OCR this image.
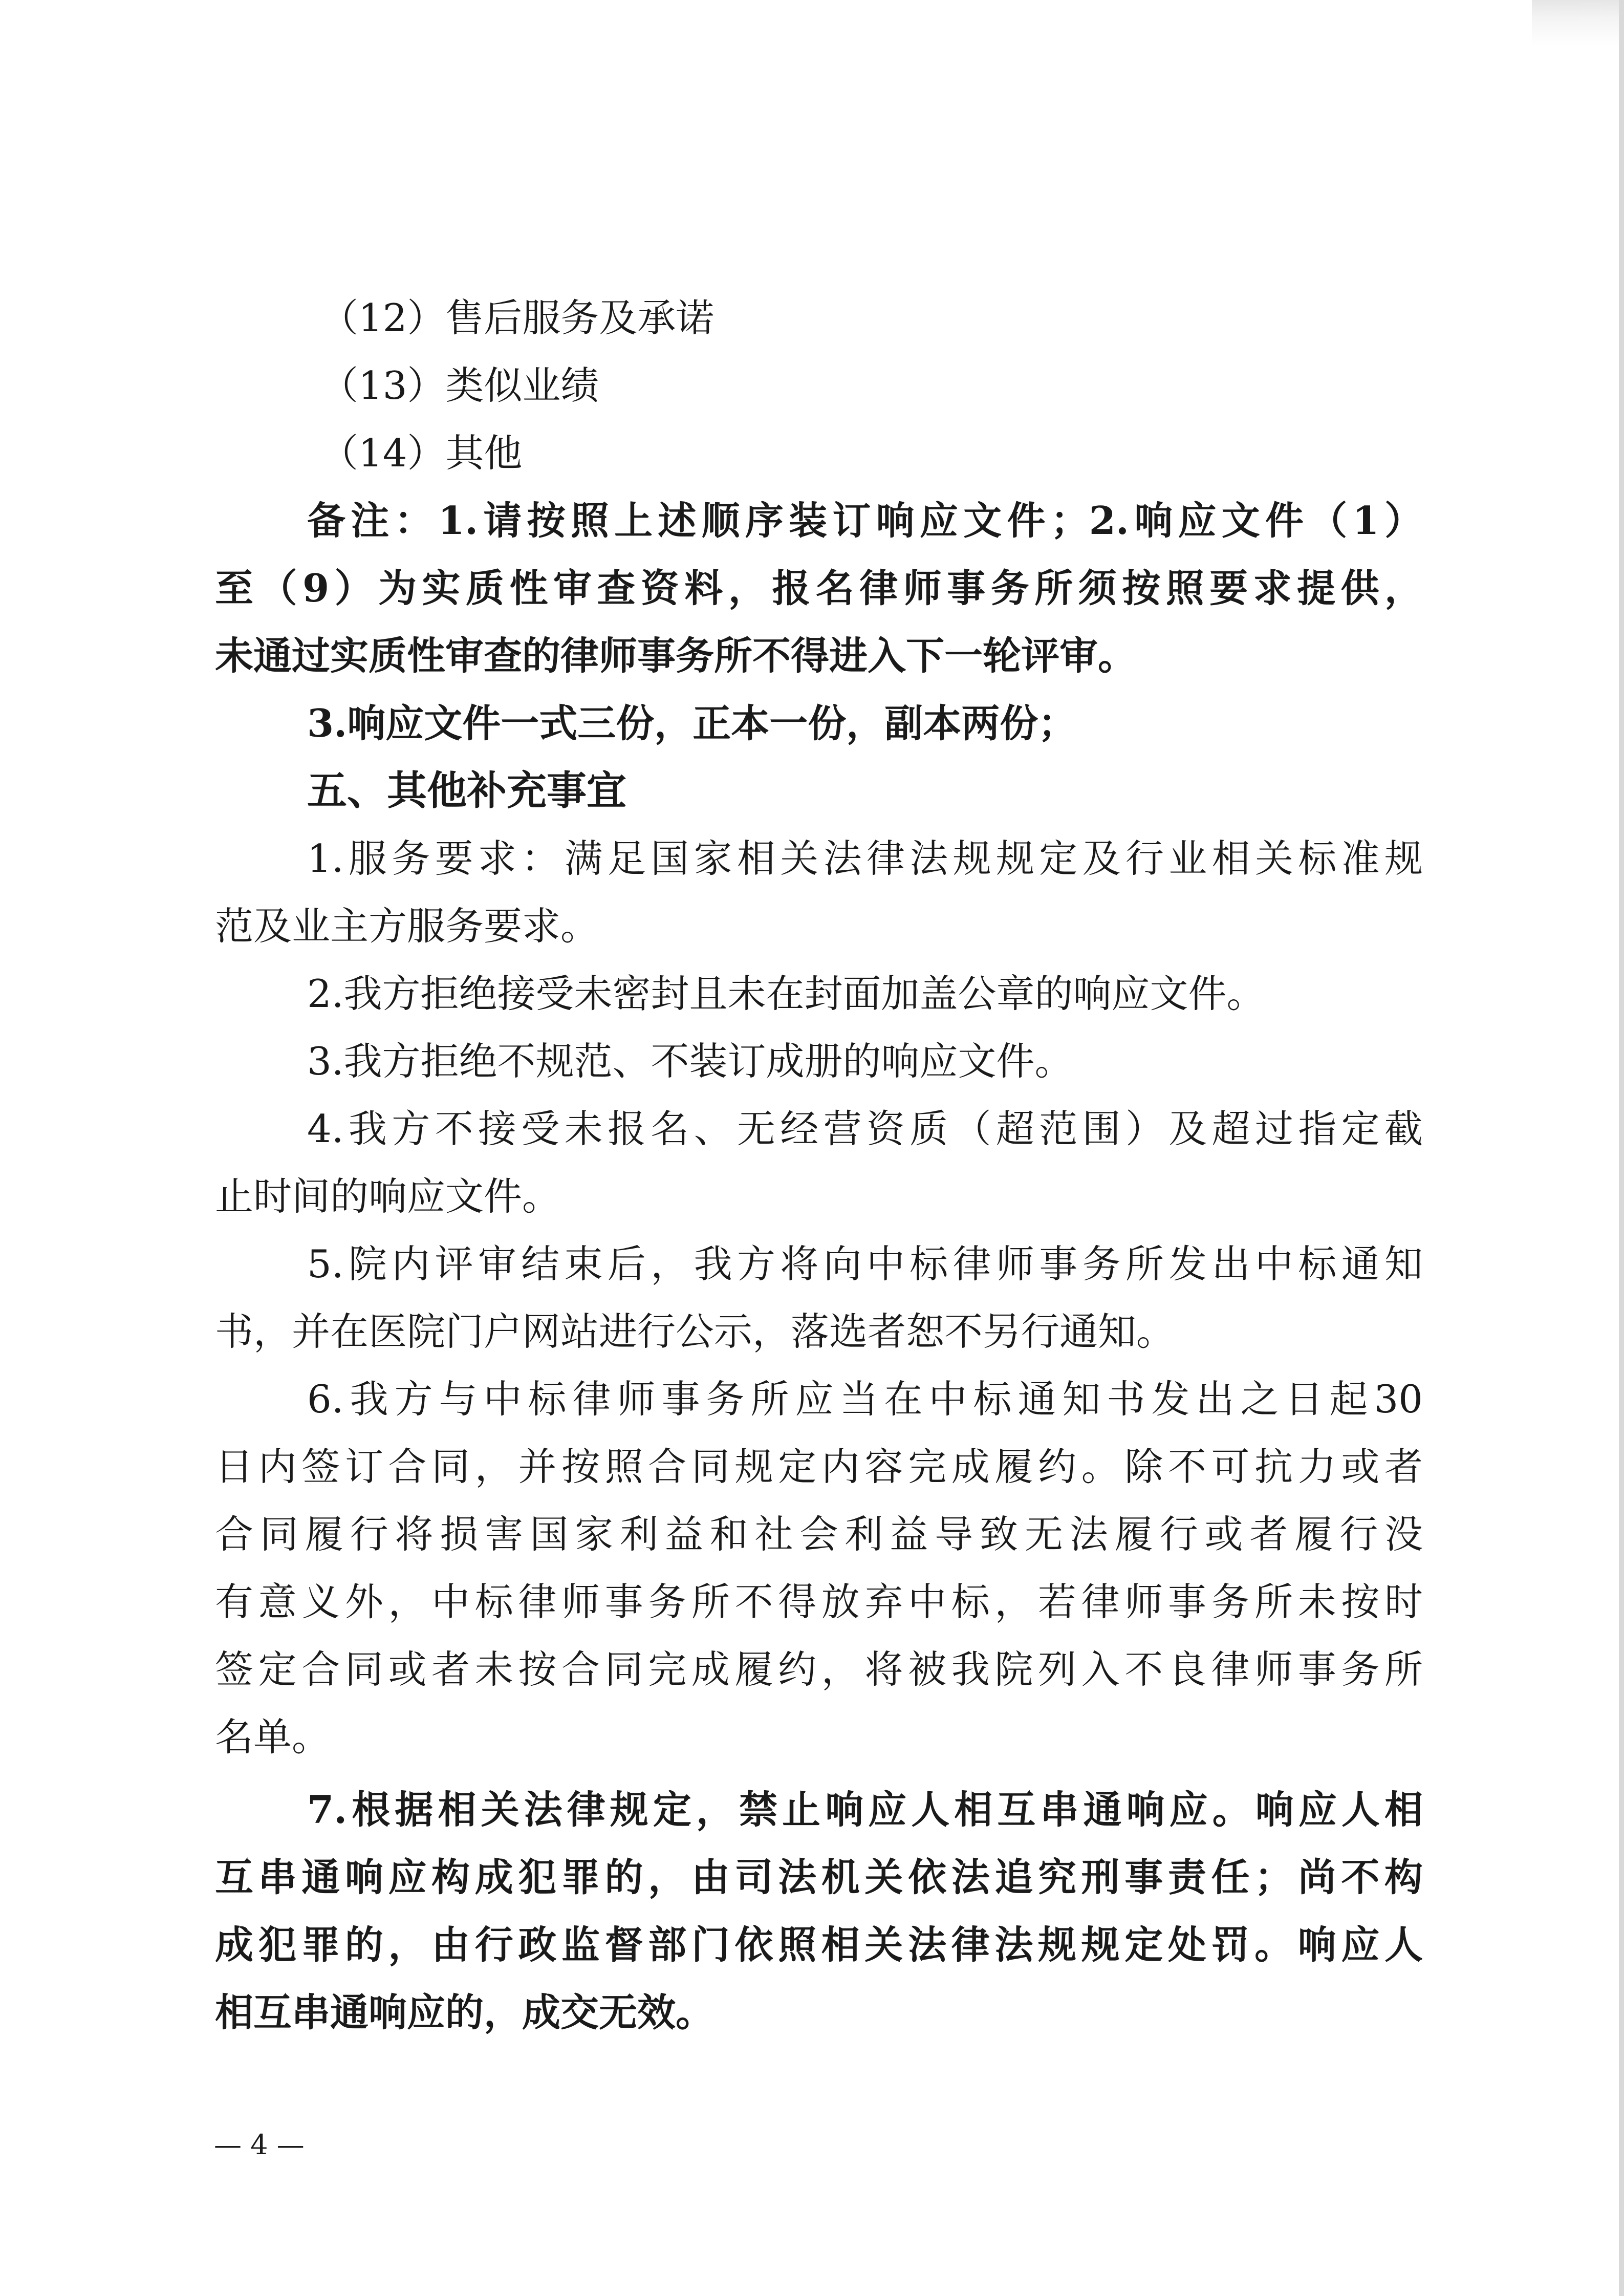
（12）售后服务及承诺
（13）类似业绩
（14）其他
备注：1.请按照上述顺序装订响应文件；2.响应文件（1）
至（9）为实质性审查资料，报名律师事务所须按照要求提供，
未通过实质性审查的律师事务所不得进入下一轮评审。
3.响应文件一式三份，正本一份，副本两份；
五、其他补充事宜
1.服务要求：满足国家相关法律法规规定及行业相关标准规
范及业主方服务要求。
2.我方拒绝接受未密封且未在封面加盖公章的响应文件。
3.我方拒绝不规范、不装订成册的响应文件。
4.我方不接受未报名、无经营资质（超范围）及超过指定截
止时间的响应文件。
5.院内评审结束后，我方将向中标律师事务所发出中标通知
书，并在医院门户网站进行公示，落选者恕不另行通知。
6.我方与中标律师事务所应当在中标通知书发出之日起30
日内签订合同，并按照合同规定内容完成履约。除不可抗力或者
合同履行将损害国家利益和社会利益导致无法履行或者履行没
有意义外，中标律师事务所不得放弃中标，若律师事务所未按时
签定合同或者未按合同完成履约，将被我院列入不良律师事务所
名单。
7.根据相关法律规定，禁止响应人相互串通响应。响应人相
互串通响应构成犯罪的，由司法机关依法追究刑事责任；尚不构
成犯罪的，由行政监督部门依照相关法律法规规定处罚。响应人
相互串通响应的，成交无效。
— 4 —
